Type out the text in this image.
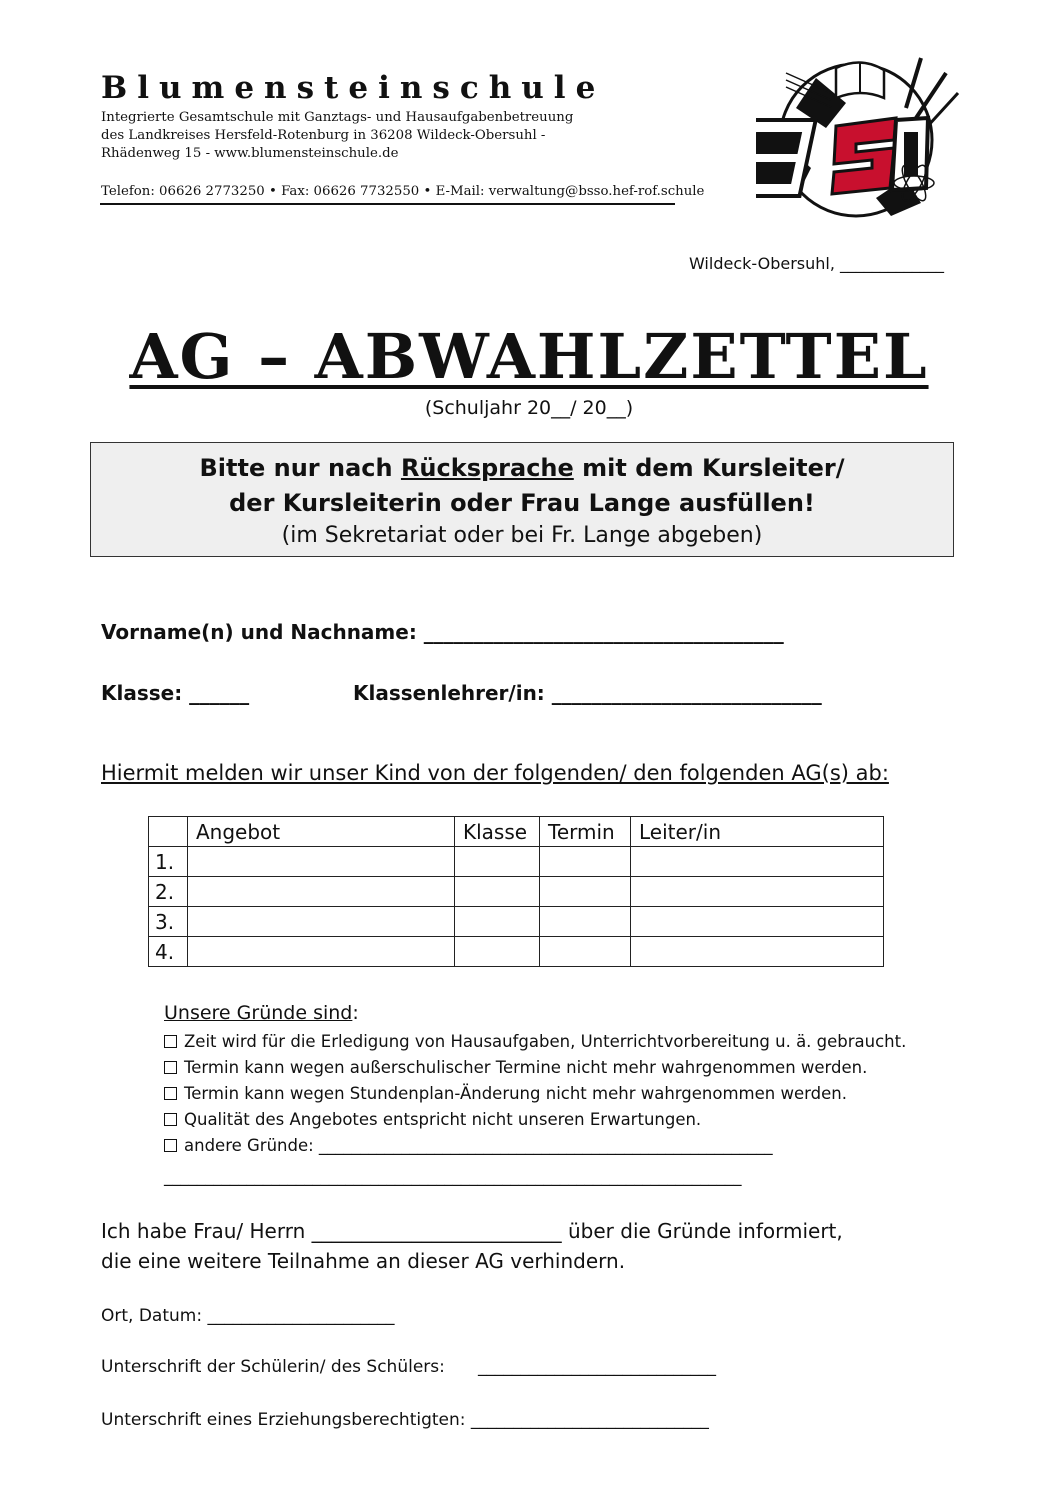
Blumensteinschule
Integrierte Gesamtschule mit Ganztags- und Hausaufgabenbetreuung
des Landkreises Hersfeld-Rotenburg in 36208 Wildeck-Obersuhl -
Rhädenweg 15 - www.blumensteinschule.de
Telefon: 06626 2773250 • Fax: 06626 7732550 • E-Mail: verwaltung@bsso.hef-rof.schule
Wildeck-Obersuhl, _____________
AG – ABWAHLZETTEL
(Schuljahr 20__/ 20__)
Bitte nur nach Rücksprache mit dem Kursleiter/
der Kursleiterin oder Frau Lange ausfüllen!
(im Sekretariat oder bei Fr. Lange abgeben)
Vorname(n) und Nachname: ____________________________________
Klasse: ______	Klassenlehrer/in: ___________________________
Hiermit melden wir unser Kind von der folgenden/ den folgenden AG(s) ab:
	Angebot	Klasse	Termin	Leiter/in
1.				
2.				
3.				
4.				
Unsere Gründe sind:
Zeit wird für die Erledigung von Hausaufgaben, Unterrichtvorbereitung u. ä. gebraucht.
Termin kann wegen außerschulischer Termine nicht mehr wahrgenommen werden.
Termin kann wegen Stundenplan-Änderung nicht mehr wahrgenommen werden.
Qualität des Angebotes entspricht nicht unseren Erwartungen.
andere Gründe: _______________________________________________________
______________________________________________________________________
Ich habe Frau/ Herrn _________________________ über die Gründe informiert,
die eine weitere Teilnahme an dieser AG verhindern.
Ort, Datum: ______________________
Unterschrift der Schülerin/ des Schülers: ____________________________
Unterschrift eines Erziehungsberechtigten: ____________________________
